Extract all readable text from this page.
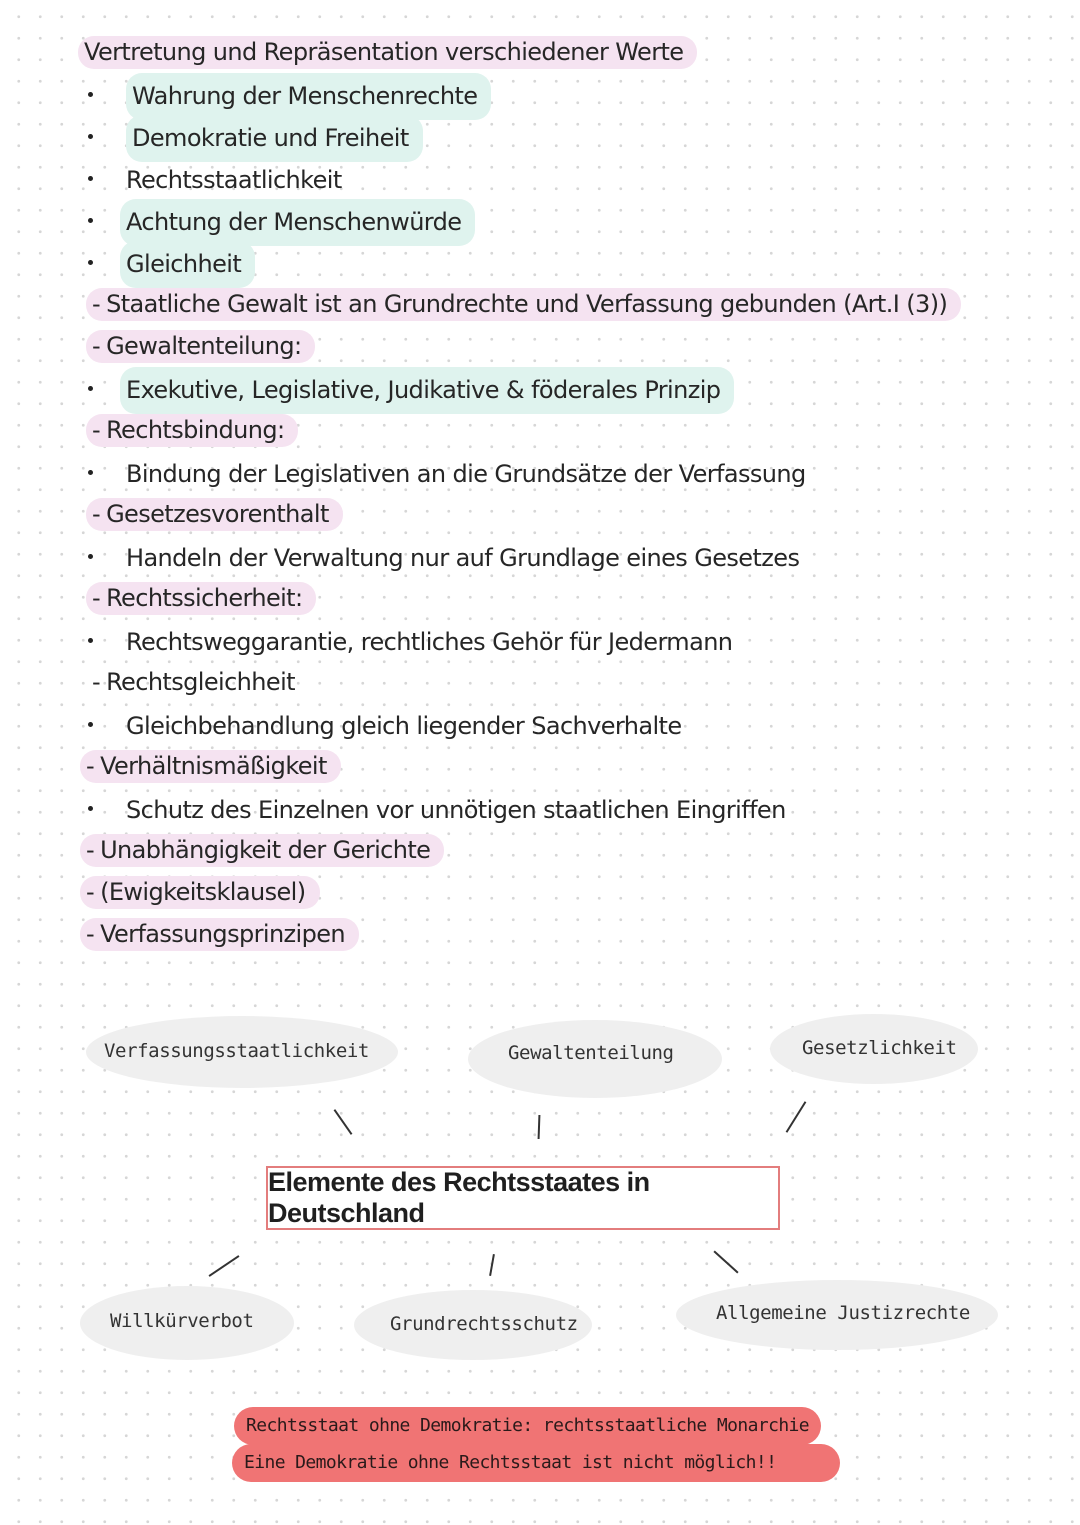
Vertretung und Repräsentation verschiedener Werte
Wahrung der Menschenrechte
Demokratie und Freiheit
Rechtsstaatlichkeit
Achtung der Menschenwürde
Gleichheit
- Staatliche Gewalt ist an Grundrechte und Verfassung gebunden (Art.I (3))
- Gewaltenteilung:
Exekutive, Legislative, Judikative & föderales Prinzip
- Rechtsbindung:
Bindung der Legislativen an die Grundsätze der Verfassung
- Gesetzesvorenthalt
Handeln der Verwaltung nur auf Grundlage eines Gesetzes
- Rechtssicherheit:
Rechtsweggarantie, rechtliches Gehör für Jedermann
- Rechtsgleichheit
Gleichbehandlung gleich liegender Sachverhalte
- Verhältnismäßigkeit
Schutz des Einzelnen vor unnötigen staatlichen Eingriffen
- Unabhängigkeit der Gerichte
- (Ewigkeitsklausel)
- Verfassungsprinzipen
Verfassungsstaatlichkeit	Gewaltenteilung	Gesetzlichkeit
Elemente des Rechtsstaates in Deutschland
Willkürverbot	Grundrechtsschutz	Allgemeine Justizrechte
Rechtsstaat ohne Demokratie: rechtsstaatliche Monarchie
Eine Demokratie ohne Rechtsstaat ist nicht möglich!!
